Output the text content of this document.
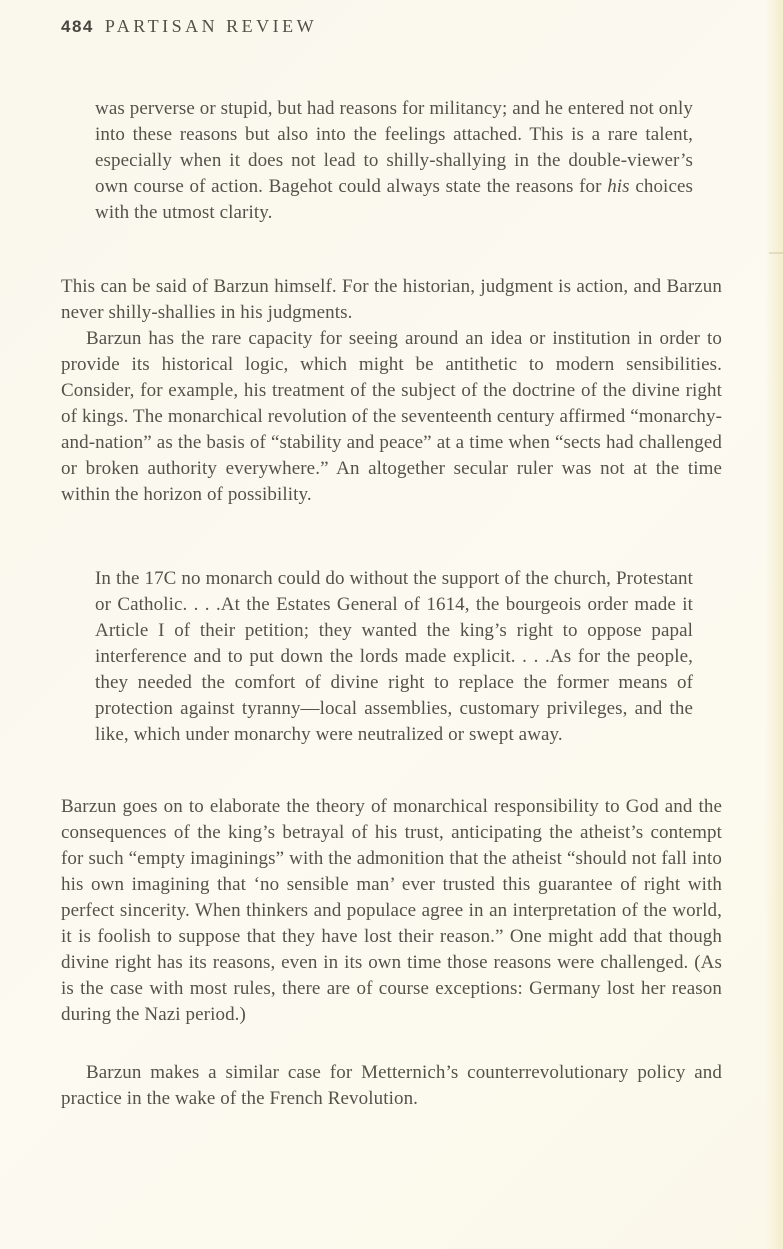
484 PARTISAN REVIEW
was perverse or stupid, but had reasons for militancy; and he entered not only into these reasons but also into the feelings attached. This is a rare talent, especially when it does not lead to shilly-shallying in the double-viewer’s own course of action. Bagehot could always state the reasons for his choices with the utmost clarity.

This can be said of Barzun himself. For the historian, judgment is action, and Barzun never shilly-shallies in his judgments.

Barzun has the rare capacity for seeing around an idea or institution in order to provide its historical logic, which might be antithetic to modern sensibilities. Consider, for example, his treatment of the subject of the doctrine of the divine right of kings. The monarchical revolution of the seventeenth century affirmed “monarchy-and-nation” as the basis of “stability and peace” at a time when “sects had challenged or broken authority everywhere.” An altogether secular ruler was not at the time within the horizon of possibility.

In the 17C no monarch could do without the support of the church, Protestant or Catholic. . . .At the Estates General of 1614, the bourgeois order made it Article I of their petition; they wanted the king’s right to oppose papal interference and to put down the lords made explicit. . . .As for the people, they needed the comfort of divine right to replace the former means of protection against tyranny—local assemblies, customary privileges, and the like, which under monarchy were neutralized or swept away.

Barzun goes on to elaborate the theory of monarchical responsibility to God and the consequences of the king’s betrayal of his trust, anticipating the atheist’s contempt for such “empty imaginings” with the admonition that the atheist “should not fall into his own imagining that ‘no sensible man’ ever trusted this guarantee of right with perfect sincerity. When thinkers and populace agree in an interpretation of the world, it is foolish to suppose that they have lost their reason.” One might add that though divine right has its reasons, even in its own time those reasons were challenged. (As is the case with most rules, there are of course exceptions: Germany lost her reason during the Nazi period.)

Barzun makes a similar case for Metternich’s counterrevolutionary policy and practice in the wake of the French Revolution.
